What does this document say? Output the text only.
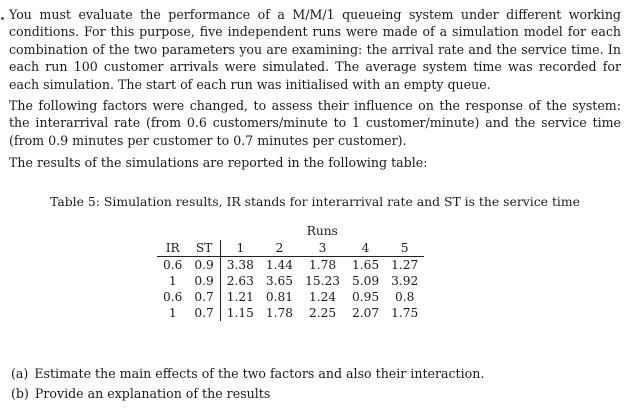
You must evaluate the performance of a M/M/1 queueing system under different working conditions. For this purpose, five independent runs were made of a simulation model for each combination of the two parameters you are examining: the arrival rate and the service time. In each run 100 customer arrivals were simulated. The average system time was recorded for each simulation. The start of each run was initialised with an empty queue.

The following factors were changed, to assess their influence on the response of the system: the interarrival rate (from 0.6 customers/minute to 1 customer/minute) and the service time (from 0.9 minutes per customer to 0.7 minutes per customer).

The results of the simulations are reported in the following table:

Table 5: Simulation results, IR stands for interarrival rate and ST is the service time

		Runs				
IR	ST	1	2	3	4	5
0.6	0.9	3.38	1.44	1.78	1.65	1.27
1	0.9	2.63	3.65	15.23	5.09	3.92
0.6	0.7	1.21	0.81	1.24	0.95	0.8
1	0.7	1.15	1.78	2.25	2.07	1.75

(a) Estimate the main effects of the two factors and also their interaction.

(b) Provide an explanation of the results
